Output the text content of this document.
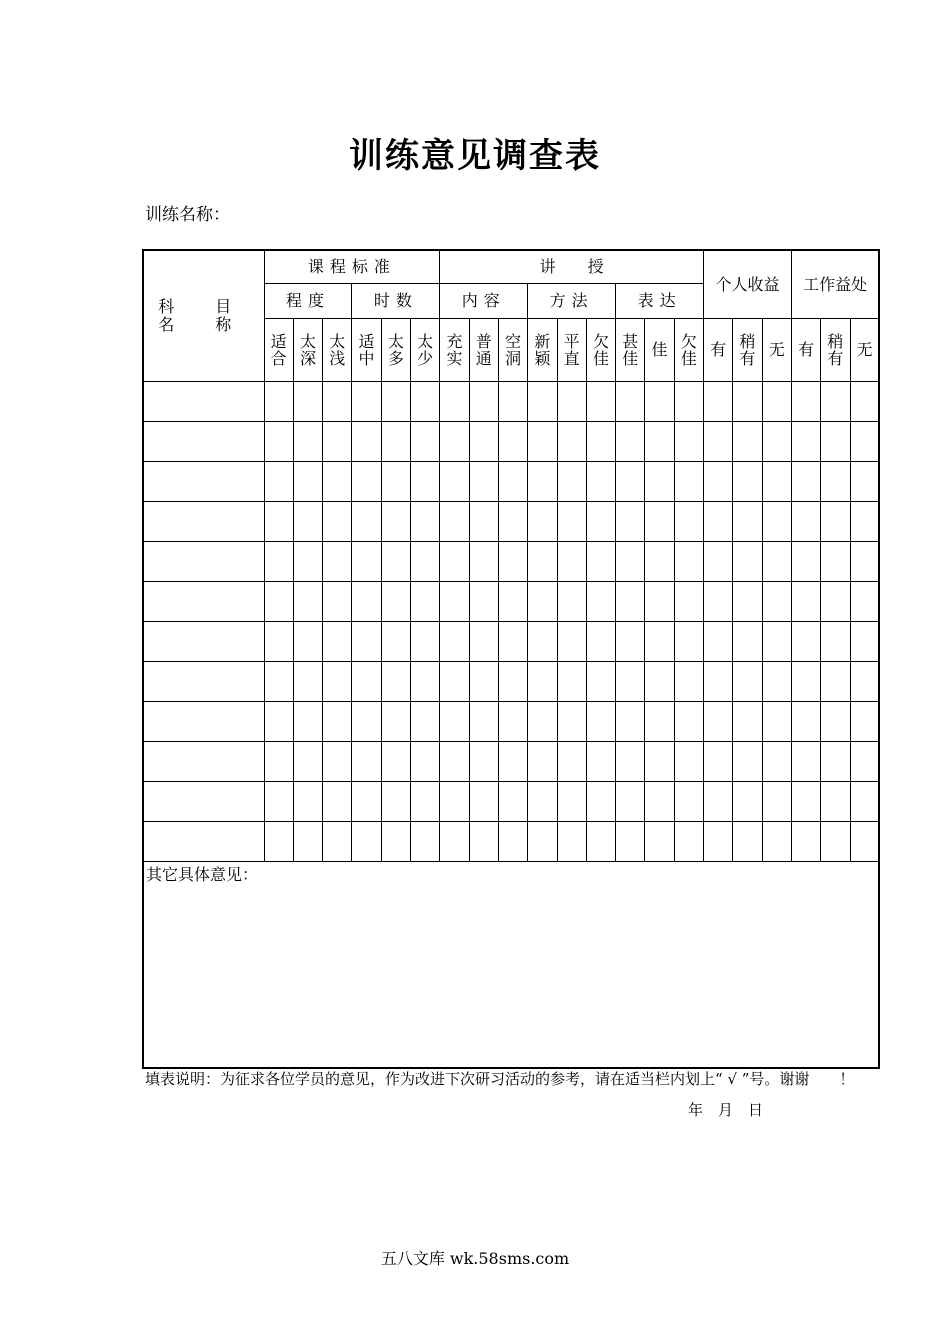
训练意见调查表
训练名称：
科 目 名 称	课程标准						讲　　授									个人收益			工作益处		
	程度			时数			内容			方法			表达								
	适合	太深	太浅	适中	太多	太少	充实	普通	空洞	新颖	平直	欠佳	甚佳	佳	欠佳	有	稍有	无	有	稍有	无

其它具体意见：																					
填表说明：为征求各位学员的意见，作为改进下次研习活动的参考，请在适当栏内划上“ √ ”号。谢谢　　！
年　月　日
五八文库 wk.58sms.com
